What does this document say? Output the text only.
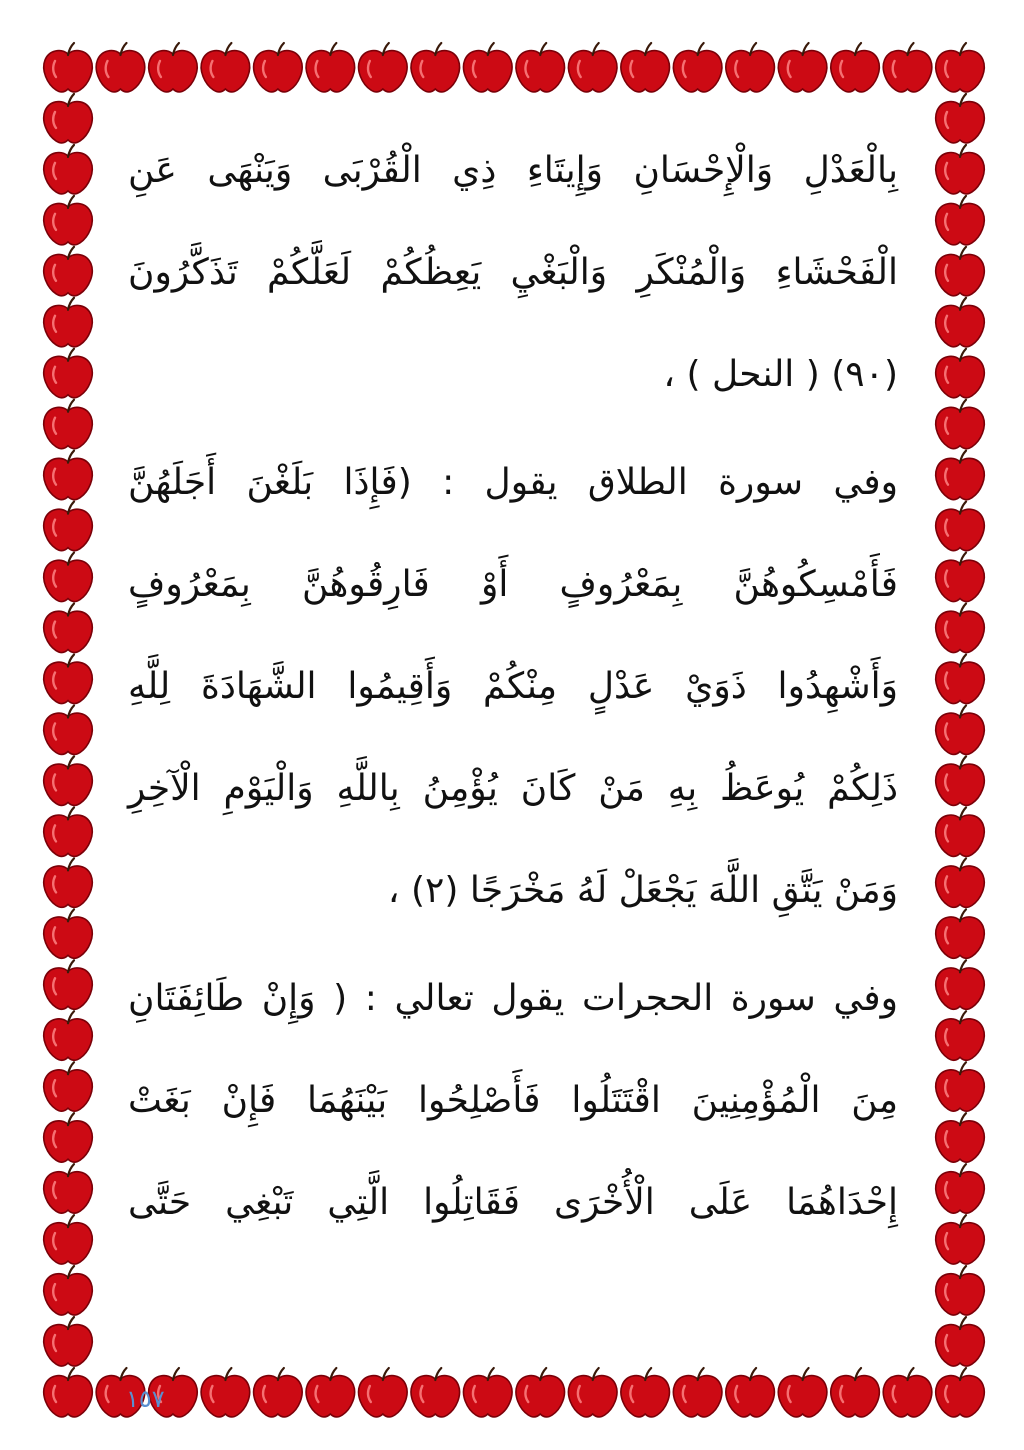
بِالْعَدْلِ وَالْإِحْسَانِ وَإِيتَاءِ ذِي الْقُرْبَى وَيَنْهَى عَنِ
الْفَحْشَاءِ وَالْمُنْكَرِ وَالْبَغْيِ يَعِظُكُمْ لَعَلَّكُمْ تَذَكَّرُونَ
(٩٠) ( النحل ) ،
وفي سورة الطلاق يقول : (فَإِذَا بَلَغْنَ أَجَلَهُنَّ
فَأَمْسِكُوهُنَّ بِمَعْرُوفٍ أَوْ فَارِقُوهُنَّ بِمَعْرُوفٍ
وَأَشْهِدُوا ذَوَيْ عَدْلٍ مِنْكُمْ وَأَقِيمُوا الشَّهَادَةَ لِلَّهِ
ذَلِكُمْ يُوعَظُ بِهِ مَنْ كَانَ يُؤْمِنُ بِاللَّهِ وَالْيَوْمِ الْآخِرِ
وَمَنْ يَتَّقِ اللَّهَ يَجْعَلْ لَهُ مَخْرَجًا (٢) ،
وفي سورة الحجرات يقول تعالي : ( وَإِنْ طَائِفَتَانِ
مِنَ الْمُؤْمِنِينَ اقْتَتَلُوا فَأَصْلِحُوا بَيْنَهُمَا فَإِنْ بَغَتْ
إِحْدَاهُمَا عَلَى الْأُخْرَى فَقَاتِلُوا الَّتِي تَبْغِي حَتَّى
١٥٧
